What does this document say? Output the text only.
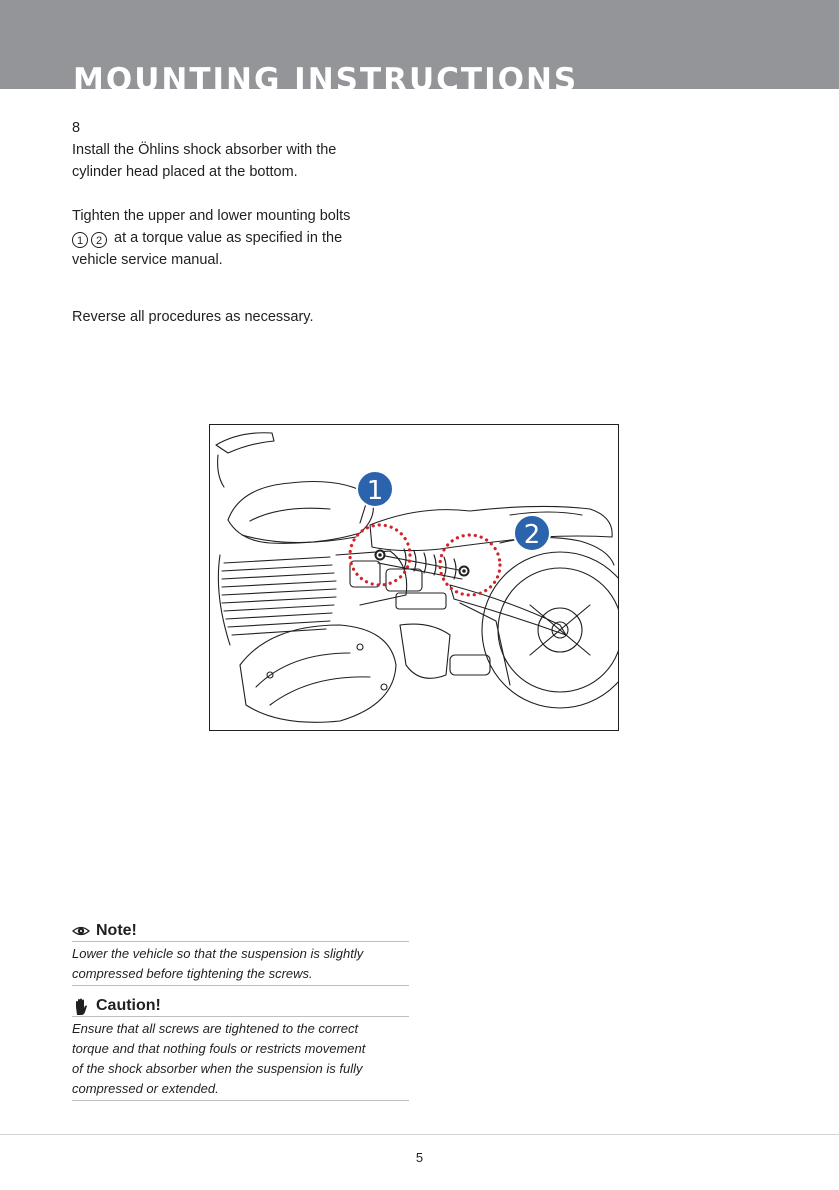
MOUNTING INSTRUCTIONS

8

Install the Öhlins shock absorber with the

cylinder head placed at the bottom.

Tighten the upper and lower mounting bolts

1 2 at a torque value as specified in the

vehicle service manual.

Reverse all procedures as necessary.

1
2
Note!

Lower the vehicle so that the suspension is slightly
compressed before tightening the screws.

Caution!

Ensure that all screws are tightened to the correct
torque and that nothing fouls or restricts movement
of the shock absorber when the suspension is fully
compressed or extended.

5
